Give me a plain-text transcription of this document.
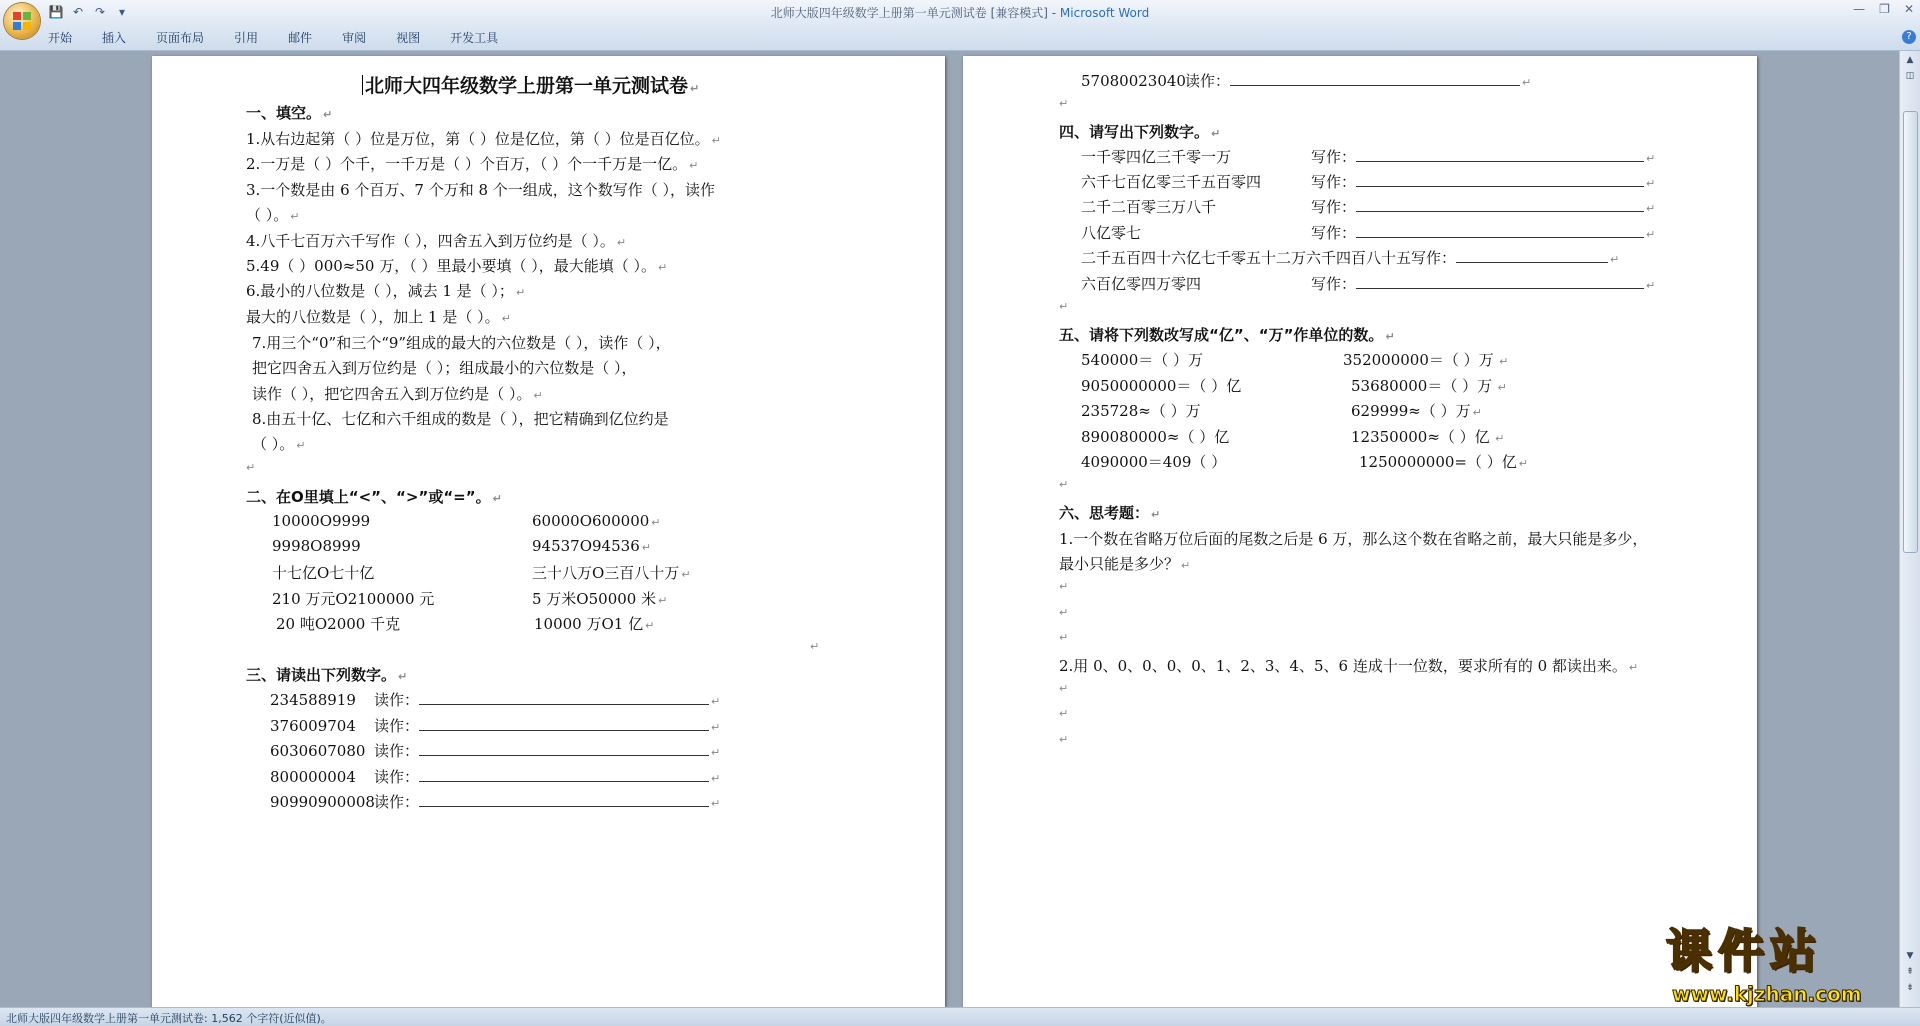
💾 ↶ ↷	▾	北师大版四年级数学上册第一单元测试卷 [兼容模式] - Microsoft Word	— ❐ ✕
开始	插入	页面布局	引用	邮件	审阅	视图	开发工具	?
北师大四年级数学上册第一单元测试卷 ↵
一、填空。 ↵
1.从右边起第（ ）位是万位，第（ ）位是亿位，第（ ）位是百亿位。 ↵
2.一万是（ ）个千，一千万是（ ）个百万，（ ）个一千万是一亿。 ↵
3.一个数是由 6 个百万、7 个万和 8 个一组成，这个数写作（ ），读作
（ ）。 ↵
4.八千七百万六千写作（ ），四舍五入到万位约是（ ）。 ↵
5.49（ ）000≈50 万，（ ）里最小要填（ ），最大能填（ ）。 ↵
6.最小的八位数是（ ），减去 1 是（ ）； ↵
最大的八位数是（ ），加上 1 是（ ）。 ↵
7.用三个“0”和三个“9”组成的最大的六位数是（ ），读作（ ），
把它四舍五入到万位约是（ ）；组成最小的六位数是（ ），
读作（ ），把它四舍五入到万位约是（ ）。 ↵
8.由五十亿、七亿和六千组成的数是（ ），把它精确到亿位约是
（ ）。 ↵
↵
二、在O里填上“<”、“>”或“=”。 ↵
10000O9999	60000O600000 ↵
9998O8999	94537O94536 ↵
十七亿O七十亿	三十八万O三百八十万 ↵
210 万元O2100000 元	5 万米O50000 米 ↵
20 吨O2000 千克	10000 万O1 亿 ↵
↵
三、请读出下列数字。 ↵
234588919 读作：	↵
376009704 读作：	↵
6030607080 读作：	↵
800000004 读作：	↵
90990900008读作：	↵
57080023040读作：	↵
↵
四、请写出下列数字。 ↵
一千零四亿三千零一万	写作：	↵
六千七百亿零三千五百零四	写作：	↵
二千二百零三万八千	写作：	↵
八亿零七	写作：	↵
二千五百四十六亿七千零五十二万六千四百八十五写作：	↵
六百亿零四万零四	写作：	↵
↵
五、请将下列数改写成“亿”、“万”作单位的数。 ↵
540000＝（ ）万	352000000＝（ ）万 ↵
9050000000＝（ ）亿	53680000＝（ ）万 ↵
235728≈（ ）万	629999≈（ ）万 ↵
890080000≈（ ）亿	12350000≈（ ）亿 ↵
4090000＝409（ ）	1250000000=（ ）亿 ↵
↵
六、思考题： ↵
1.一个数在省略万位后面的尾数之后是 6 万，那么这个数在省略之前，最大只能是多少，
最小只能是多少？ ↵
↵
↵
↵
2.用 0、0、0、0、0、1、2、3、4、5、6 连成十一位数，要求所有的 0 都读出来。 ↵
↵
↵
↵
▲
◫
▼
⇞
⇟
北师大版四年级数学上册第一单元测试卷: 1,562 个字符(近似值)。
课件站
www.kjzhan.com
